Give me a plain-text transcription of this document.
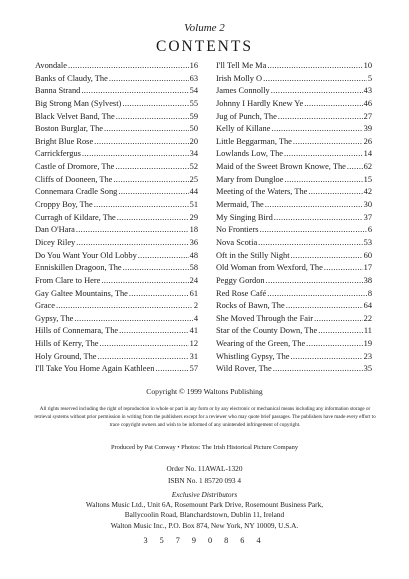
Volume 2
CONTENTS
Avondale .....	16
Banks of Claudy, The .....	63
Banna Strand .....	54
Big Strong Man (Sylvest) .....	55
Black Velvet Band, The .....	59
Boston Burglar, The .....	50
Bright Blue Rose .....	20
Carrickfergus .....	34
Castle of Dromore, The .....	52
Cliffs of Dooneen, The .....	25
Connemara Cradle Song .....	44
Croppy Boy, The .....	51
Curragh of Kildare, The .....	29
Dan O'Hara .....	18
Dicey Riley .....	36
Do You Want Your Old Lobby .....	48
Enniskillen Dragoon, The .....	58
From Clare to Here .....	24
Gay Galtee Mountains, The .....	61
Grace .....	2
Gypsy, The .....	4
Hills of Connemara, The .....	41
Hills of Kerry, The .....	12
Holy Ground, The .....	31
I'll Take You Home Again Kathleen .....	57
I'll Tell Me Ma .....	10
Irish Molly O .....	5
James Connolly .....	43
Johnny I Hardly Knew Ye .....	46
Jug of Punch, The .....	27
Kelly of Killane .....	39
Little Beggarman, The .....	26
Lowlands Low, The .....	14
Maid of the Sweet Brown Knowe, The ..... 62
Mary from Dungloe .....	15
Meeting of the Waters, The .....	42
Mermaid, The .....	30
My Singing Bird .....	37
No Frontiers .....	6
Nova Scotia .....	53
Oft in the Stilly Night .....	60
Old Woman from Wexford, The .....	17
Peggy Gordon .....	38
Red Rose Café .....	8
Rocks of Bawn, The .....	64
She Moved Through the Fair .....	22
Star of the County Down, The .....	11
Wearing of the Green, The .....	19
Whistling Gypsy, The .....	23
Wild Rover, The .....	35
Copyright © 1999 Waltons Publishing
All rights reserved including the right of reproduction in whole or part in any form or by any electronic or mechanical means including any information storage or retrieval systems without prior permission in writing from the publishers except for a reviewer who may quote brief passages. The publishers have made every effort to trace copyright owners and wish to be informed of any unintended infringement of copyright.
Produced by Pat Conway • Photos: The Irish Historical Picture Company
Order No. 11AWAL-1320
ISBN No. 1 85720 093 4
Exclusive Distributors
Waltons Music Ltd., Unit 6A, Rosemount Park Drive, Rosemount Business Park,
Ballycoolin Road, Blanchardstown, Dublin 11, Ireland
Walton Music Inc., P.O. Box 874, New York, NY 10009, U.S.A.
3 5 7 9 0 8 6 4
